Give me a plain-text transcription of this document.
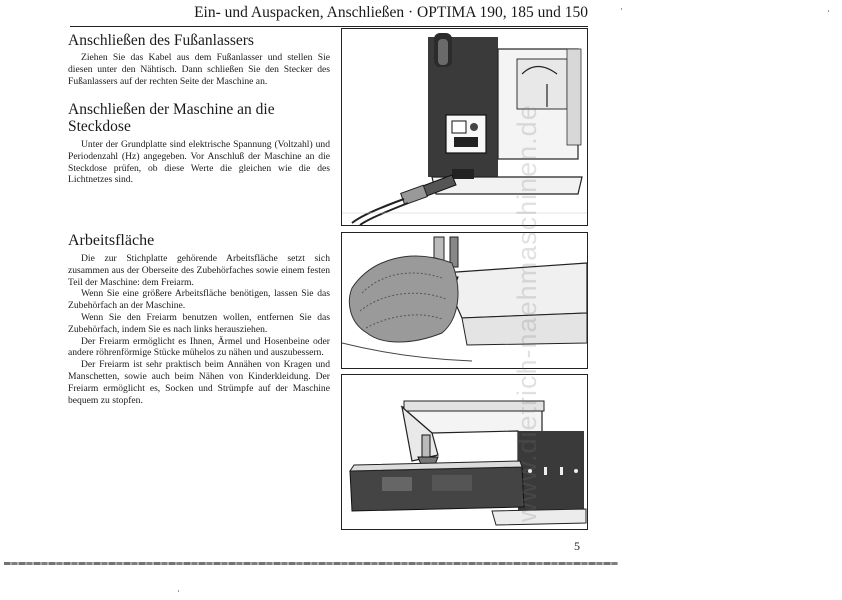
Ein- und Auspacken, Anschließen · OPTIMA 190, 185 und 150
Anschließen des Fußanlassers

Ziehen Sie das Kabel aus dem Fußanlasser und stellen Sie diesen unter den Nähtisch. Dann schließen Sie den Stecker des Fußanlassers auf der rechten Seite der Maschine an.

Anschließen der Maschine an die Steckdose

Unter der Grundplatte sind elektrische Spannung (Voltzahl) und Periodenzahl (Hz) angegeben. Vor Anschluß der Maschine an die Steckdose prüfen, ob diese Werte die gleichen wie die des Lichtnetzes sind.

Arbeitsfläche

Die zur Stichplatte gehörende Arbeitsfläche setzt sich zusammen aus der Oberseite des Zubehörfaches sowie einem festen Teil der Maschine: dem Freiarm.

Wenn Sie eine größere Arbeitsfläche benötigen, lassen Sie das Zubehörfach an der Maschine.

Wenn Sie den Freiarm benutzen wollen, entfernen Sie das Zubehörfach, indem Sie es nach links herausziehen.

Der Freiarm ermöglicht es Ihnen, Ärmel und Hosenbeine oder andere röhrenförmige Stücke mühelos zu nähen und auszubessern.

Der Freiarm ist sehr praktisch beim Annähen von Kragen und Manschetten, sowie auch beim Nähen von Kinderkleidung. Der Freiarm ermöglicht es, Socken und Strümpfe auf der Maschine bequem zu stopfen.	www.dietrich-naehmaschinen.de
5
